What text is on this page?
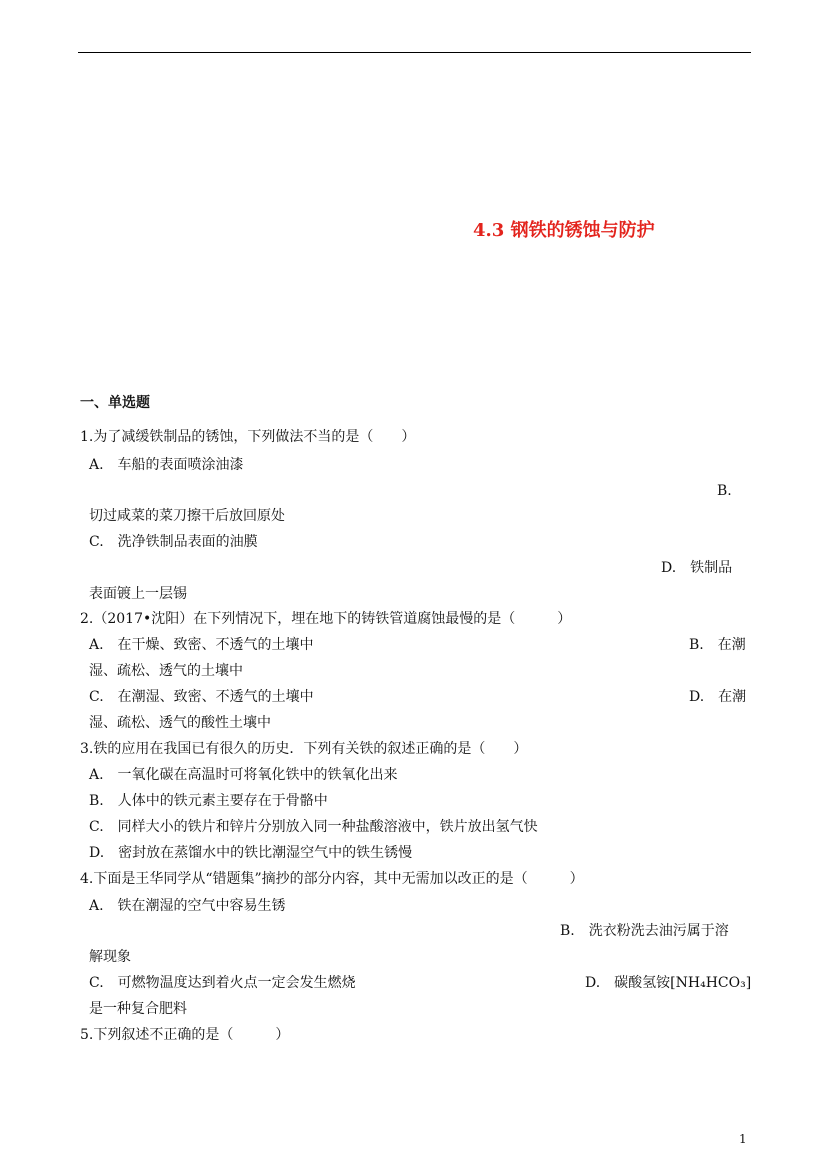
4.3 钢铁的锈蚀与防护
一、单选题
1.为了减缓铁制品的锈蚀，下列做法不当的是（　　）
A.　车船的表面喷涂油漆
B.
切过咸菜的菜刀擦干后放回原处
C.　洗净铁制品表面的油膜
D.　铁制品
表面镀上一层锡
2.（2017•沈阳）在下列情况下，埋在地下的铸铁管道腐蚀最慢的是（　　　）
A.　在干燥、致密、不透气的土壤中	B.　在潮
湿、疏松、透气的土壤中
C.　在潮湿、致密、不透气的土壤中	D.　在潮
湿、疏松、透气的酸性土壤中
3.铁的应用在我国已有很久的历史．下列有关铁的叙述正确的是（　　）
A.　一氧化碳在高温时可将氧化铁中的铁氧化出来
B.　人体中的铁元素主要存在于骨骼中
C.　同样大小的铁片和锌片分别放入同一种盐酸溶液中，铁片放出氢气快
D.　密封放在蒸馏水中的铁比潮湿空气中的铁生锈慢
4.下面是王华同学从“错题集”摘抄的部分内容，其中无需加以改正的是（　　　）
A.　铁在潮湿的空气中容易生锈
B.　洗衣粉洗去油污属于溶
解现象
C.　可燃物温度达到着火点一定会发生燃烧	D.　碳酸氢铵[NH₄HCO₃]
是一种复合肥料
5.下列叙述不正确的是（　　　）
1
